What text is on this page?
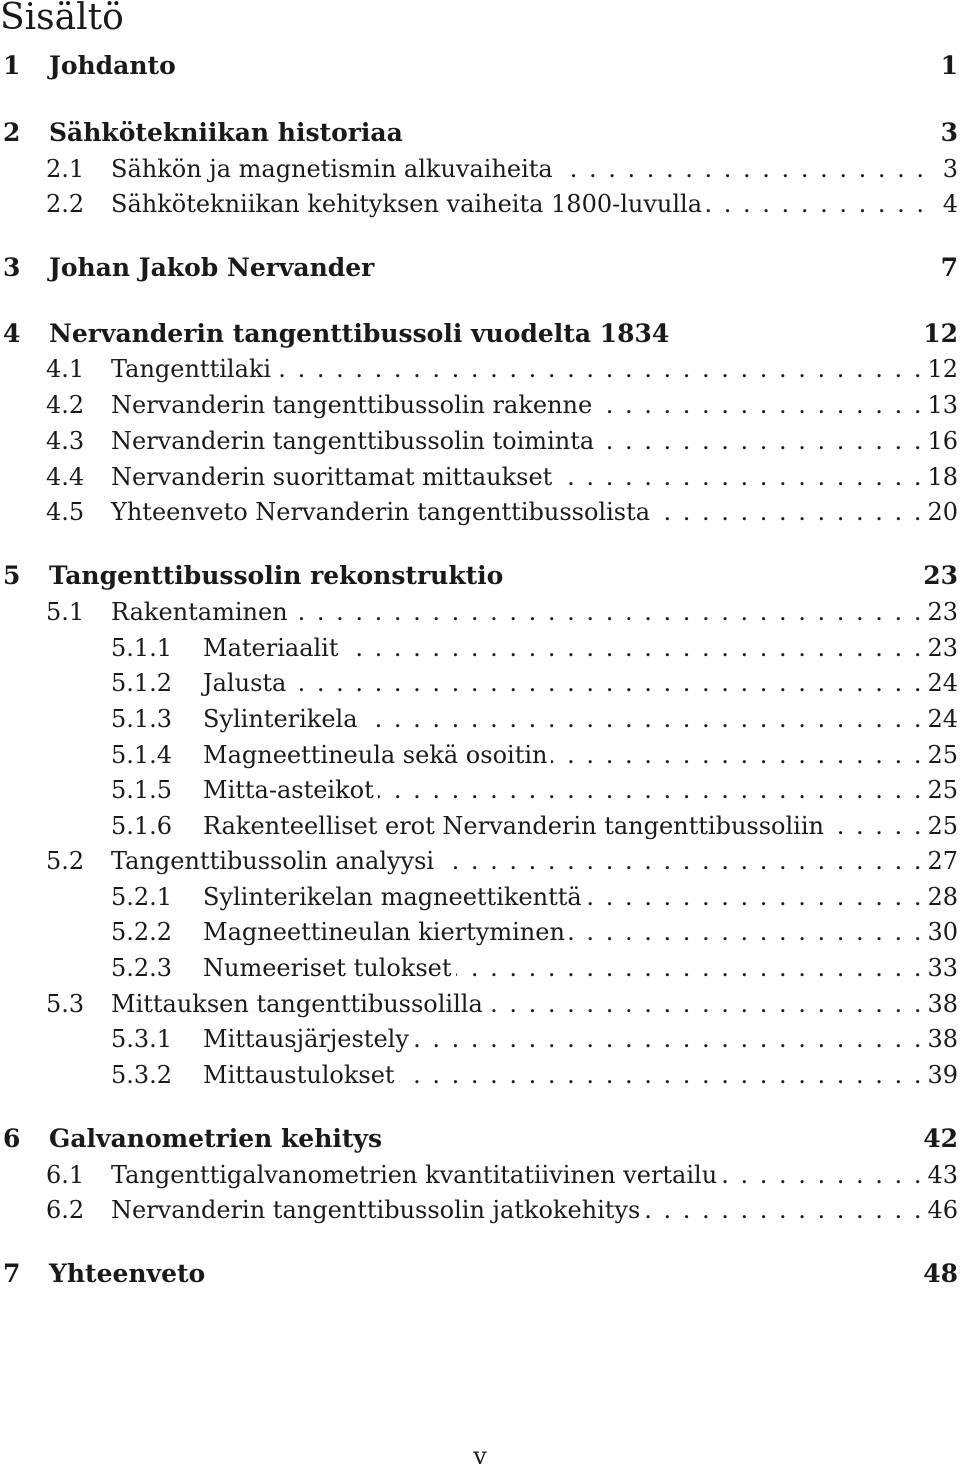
Sisältö
1	Johdanto	1
2	Sähkötekniikan historiaa	3
2.1	Sähkön ja magnetismin alkuvaiheita . . .	3
2.2	Sähkötekniikan kehityksen vaiheita 1800-luvulla . . .	4
3	Johan Jakob Nervander	7
4	Nervanderin tangenttibussoli vuodelta 1834	12
4.1	Tangenttilaki . . .	12
4.2	Nervanderin tangenttibussolin rakenne . . .	13
4.3	Nervanderin tangenttibussolin toiminta . . .	16
4.4	Nervanderin suorittamat mittaukset . . .	18
4.5	Yhteenveto Nervanderin tangenttibussolista . . .	20
5	Tangenttibussolin rekonstruktio	23
5.1	Rakentaminen . . .	23
5.1.1	Materiaalit . . .	23
5.1.2	Jalusta . . .	24
5.1.3	Sylinterikela . . .	24
5.1.4	Magneettineula sekä osoitin . . .	25
5.1.5	Mitta-asteikot . . .	25
5.1.6	Rakenteelliset erot Nervanderin tangenttibussoliin . . .	25
5.2	Tangenttibussolin analyysi . . .	27
5.2.1	Sylinterikelan magneettikenttä . . .	28
5.2.2	Magneettineulan kiertyminen . . .	30
5.2.3	Numeeriset tulokset . . .	33
5.3	Mittauksen tangenttibussolilla . . .	38
5.3.1	Mittausjärjestely . . .	38
5.3.2	Mittaustulokset . . .	39
6	Galvanometrien kehitys	42
6.1	Tangenttigalvanometrien kvantitatiivinen vertailu . . .	43
6.2	Nervanderin tangenttibussolin jatkokehitys . . .	46
7	Yhteenveto	48
v
